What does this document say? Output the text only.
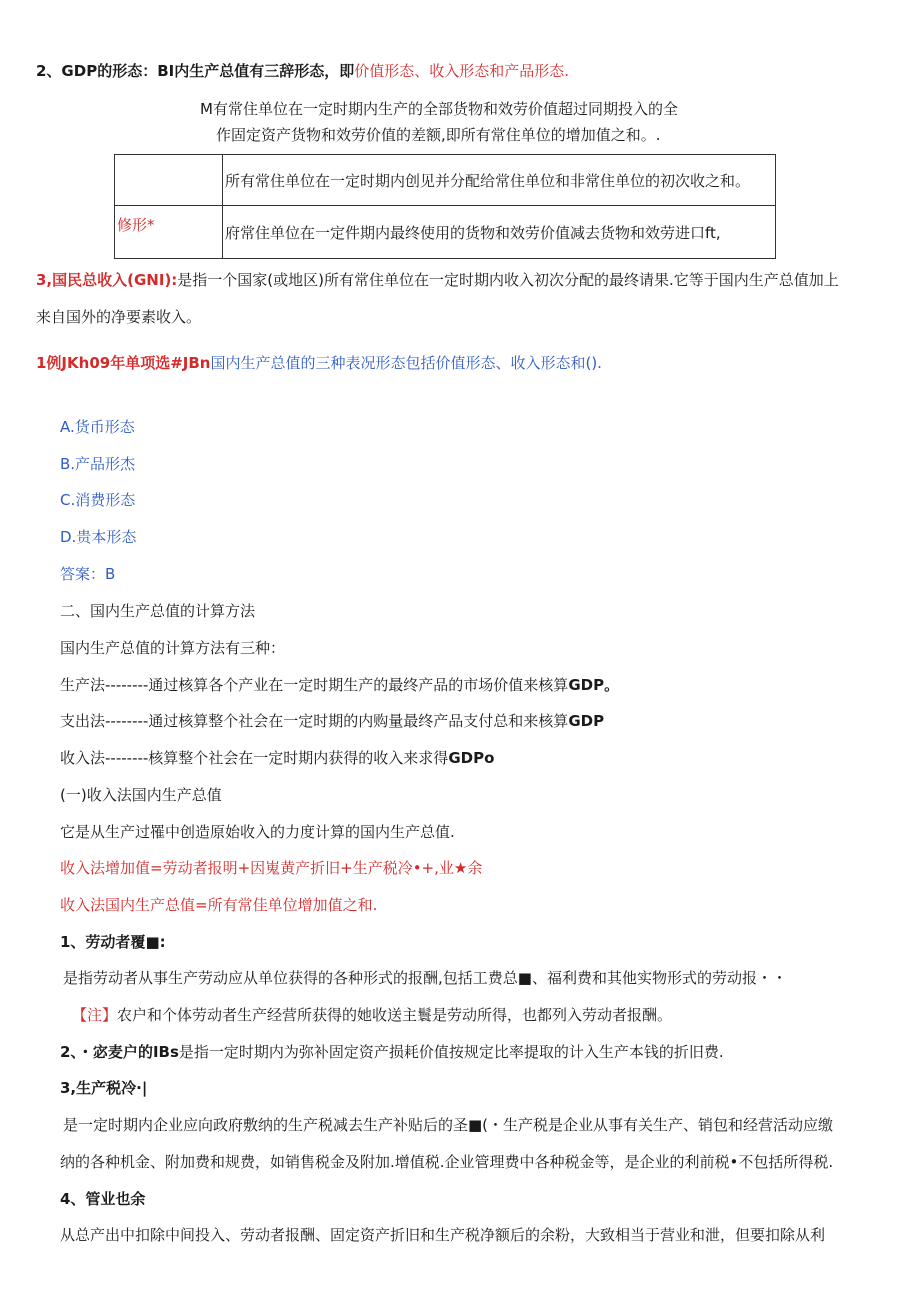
2、GDP的形态：BI内生产总值有三辞形态，即价值形态、收入形态和产品形态.
M有常住单位在一定时期内生产的全部货物和效劳价值超过同期投入的全
作固定资产货物和效劳价值的差额,即所有常住单位的增加值之和。.
	所有常住单位在一定时期内创见并分配给常住单位和非常住单位的初次收之和。
修形*	府常住单位在一定件期内最终使用的货物和效劳价值减去货物和效劳进口ft,
3,国民总收入(GNI):是指一个国家(或地区)所有常住单位在一定时期内收入初次分配的最终请果.它等于国内生产总值加上
来自国外的净要素收入。
1例JKh09年单项选#JBn国内生产总值的三种表况形态包括价值形态、收入形态和().
A.货币形态
B.产品形杰
C.消费形态
D.贵本形态
答案：B
二、国内生产总值的计算方法
国内生产总值的计算方法有三种：
生产法--------通过核算各个产业在一定时期生产的最终产品的市场价值来核算GDP。
支出法--------通过核算整个社会在一定时期的内购量最终产品支付总和来核算GDP
收入法--------核算整个社会在一定时期内获得的收入来求得GDPo
(一)收入法国内生产总值
它是从生产过罹中创造原始收入的力度计算的国内生产总值.
收入法增加值=劳动者报明+因嵬黄产折旧+生产税冷•+,业★余
收入法国内生产总值=所有常佳单位增加值之和.
1、劳动者覆■:
是指劳动者从事生产劳动应从单位获得的各种形式的报酬,包括工费总■、福利费和其他实物形式的劳动报・・
【注】农户和个体劳动者生产经营所获得的她收送主鬟是劳动所得，也都列入劳动者报酬。
2、・宓麦户的IBs是指一定时期内为弥补固定资产损耗价值按规定比率提取的计入生产本钱的折旧费.
3,生产税冷·|
是一定时期内企业应向政府敷纳的生产税减去生产补贴后的圣■(・生产税是企业从事有关生产、销包和经营活动应缴
纳的各种机金、附加费和规费，如销售税金及附加.增值税.企业管理费中各种税金等，是企业的利前税•不包括所得税.
4、管业也余
从总产出中扣除中间投入、劳动者报酬、固定资产折旧和生产税净额后的余粉，大致相当于营业和泄，但要扣除从利
